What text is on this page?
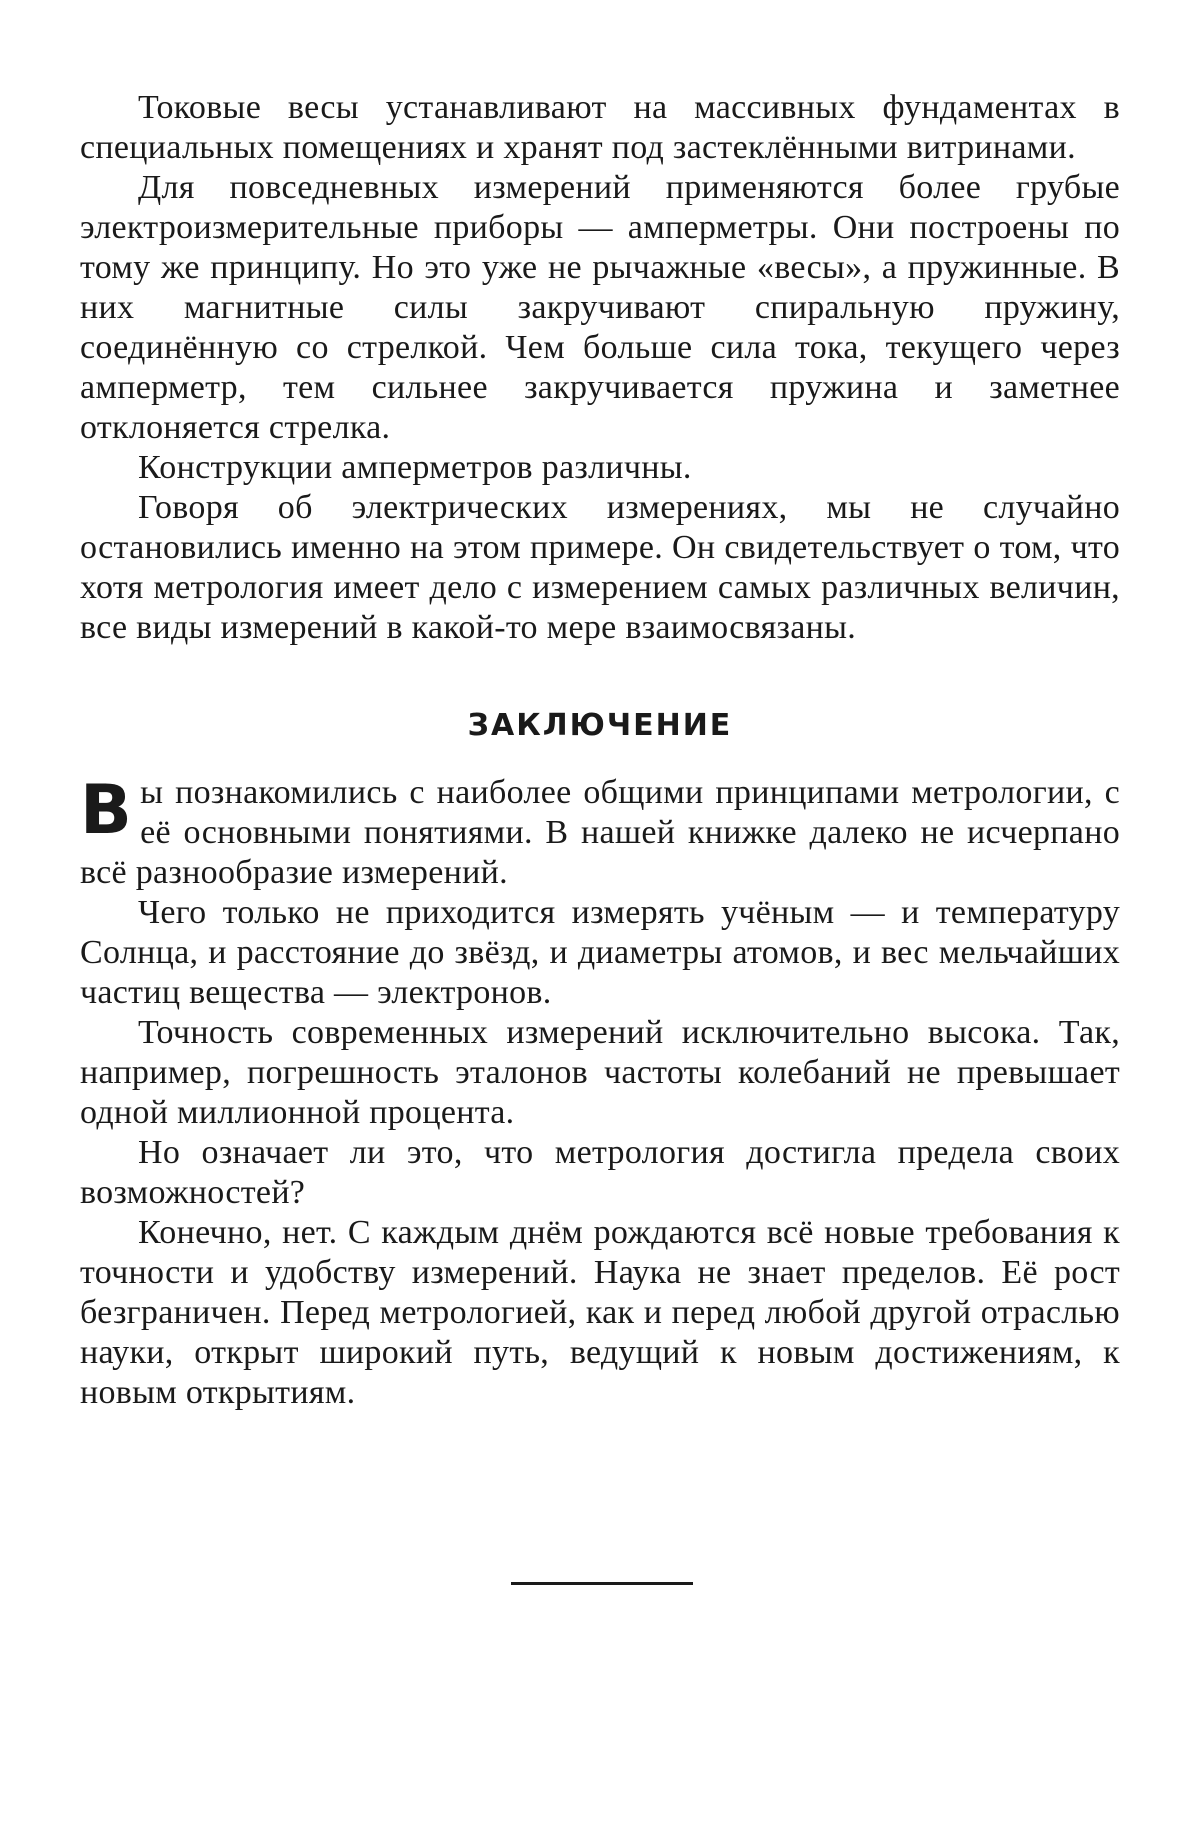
Токовые весы устанавливают на массивных фундаментах в специальных помещениях и хранят под застеклёнными витринами.

Для повседневных измерений применяются более грубые электроизмерительные приборы — амперметры. Они построены по тому же принципу. Но это уже не рычажные «весы», а пружинные. В них магнитные силы закручивают спиральную пружину, соединённую со стрелкой. Чем больше сила тока, текущего через амперметр, тем сильнее закручивается пружина и заметнее отклоняется стрелка.

Конструкции амперметров различны.

Говоря об электрических измерениях, мы не случайно остановились именно на этом примере. Он свидетельствует о том, что хотя метрология имеет дело с измерением самых различных величин, все виды измерений в какой-то мере взаимосвязаны.

ЗАКЛЮЧЕНИЕ

Вы познакомились с наиболее общими принципами метрологии, с её основными понятиями. В нашей книжке далеко не исчерпано всё разнообразие измерений.

Чего только не приходится измерять учёным — и температуру Солнца, и расстояние до звёзд, и диаметры атомов, и вес мельчайших частиц вещества — электронов.

Точность современных измерений исключительно высока. Так, например, погрешность эталонов частоты колебаний не превышает одной миллионной процента.

Но означает ли это, что метрология достигла предела своих возможностей?

Конечно, нет. С каждым днём рождаются всё новые требования к точности и удобству измерений. Наука не знает пределов. Её рост безграничен. Перед метрологией, как и перед любой другой отраслью науки, открыт широкий путь, ведущий к новым достижениям, к новым открытиям.
